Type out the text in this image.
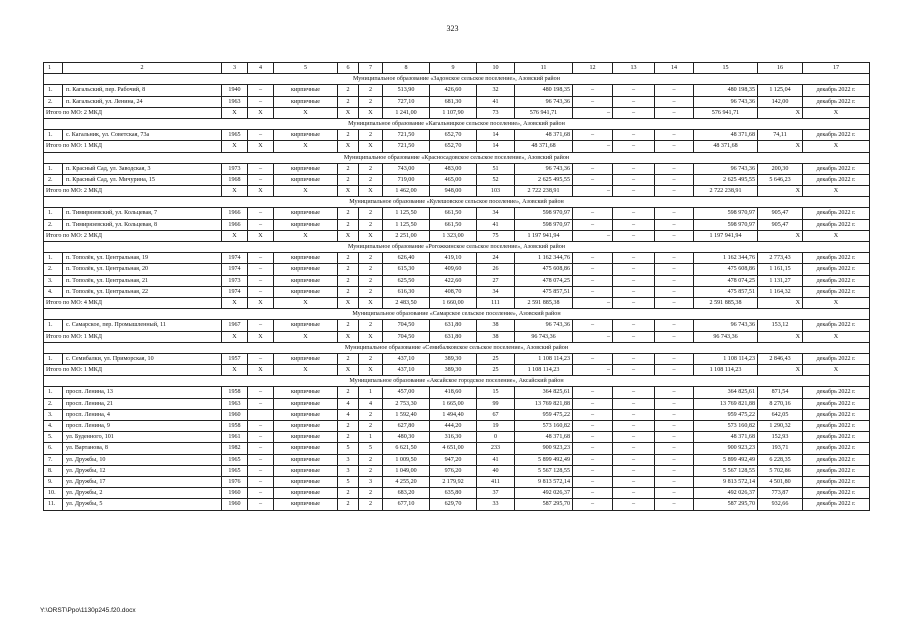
323
1	2	3	4	5	6	7	8	9	10	11	12	13	14	15	16	17
Муниципальное образование «Задонское сельское поселение», Азовский район																
1.	п. Кагальский, пер. Рабочий, 8	1940	–	кирпичные	2	2	513,90	426,60	32	480 198,35	–	–	–	480 198,35	1 125,04	декабрь 2022 г.
2.	п. Кагальский, ул. Ленина, 24	1963	–	кирпичные	2	2	727,10	681,30	41	96 743,36	–	–	–	96 743,36	142,00	декабрь 2022 г.
Итого по МО: 2 МКД		X	X	X	X	X	1 241,00	1 107,90	73	576 941,71	–	–	–	576 941,71	X	X
Муниципальное образование «Кагальницкое сельское поселение», Азовский район																
1.	с. Кагальник, ул. Советская, 73а	1965	–	кирпичные	2	2	721,50	652,70	14	48 371,68	–	–	–	48 371,68	74,11	декабрь 2022 г.
Итого по МО: 1 МКД		X	X	X	X	X	721,50	652,70	14	48 371,68	–	–	–	48 371,68	X	X
Муниципальное образование «Красносадовское сельское поселение», Азовский район																
1.	п. Красный Сад, ул. Заводская, 3	1973	–	кирпичные	2	2	743,00	483,00	51	96 743,36	–	–	–	96 743,36	200,30	декабрь 2022 г.
2.	п. Красный Сад, ул. Мичурина, 15	1968	–	кирпичные	2	2	719,00	465,00	52	2 625 495,55	–	–	–	2 625 495,55	5 646,23	декабрь 2022 г.
Итого по МО: 2 МКД		X	X	X	X	X	1 462,00	948,00	103	2 722 238,91	–	–	–	2 722 238,91	X	X
Муниципальное образование «Кулешовское сельское поселение», Азовский район																
1.	п. Тимирязевский, ул. Кольцевая, 7	1966	–	кирпичные	2	2	1 125,50	661,50	34	598 970,97	–	–	–	598 970,97	905,47	декабрь 2022 г.
2.	п. Тимирязевский, ул. Кольцевая, 8	1966	–	кирпичные	2	2	1 125,50	661,50	41	598 970,97	–	–	–	598 970,97	905,47	декабрь 2022 г.
Итого по МО: 2 МКД		X	X	X	X	X	2 251,00	1 323,00	75	1 197 941,94	–	–	–	1 197 941,94	X	X
Муниципальное образование «Рогожкинское сельское поселение», Азовский район																
1.	п. Тополёк, ул. Центральная, 19	1974	–	кирпичные	2	2	626,40	419,10	24	1 162 344,76	–	–	–	1 162 344,76	2 773,43	декабрь 2022 г.
2.	п. Тополёк, ул. Центральная, 20	1974	–	кирпичные	2	2	615,30	409,60	26	475 608,86	–	–	–	475 608,86	1 161,15	декабрь 2022 г.
3.	п. Тополёк, ул. Центральная, 21	1973	–	кирпичные	2	2	625,50	422,60	27	478 074,25	–	–	–	478 074,25	1 131,27	декабрь 2022 г.
4.	п. Тополёк, ул. Центральная, 22	1974	–	кирпичные	2	2	616,30	408,70	34	475 857,51	–	–	–	475 857,51	1 164,32	декабрь 2022 г.
Итого по МО: 4 МКД		X	X	X	X	X	2 483,50	1 660,00	111	2 591 885,38	–	–	–	2 591 885,38	X	X
Муниципальное образование «Самарское сельское поселение», Азовский район																
1.	с. Самарское, пер. Промышленный, 11	1967	–	кирпичные	2	2	704,50	631,80	38	96 743,36	–	–	–	96 743,36	153,12	декабрь 2022 г.
Итого по МО: 1 МКД		X	X	X	X	X	704,50	631,80	38	96 743,36	–	–	–	96 743,36	X	X
Муниципальное образование «Семибалковское сельское поселение», Азовский район																
1.	с. Семибалки, ул. Приморская, 10	1957	–	кирпичные	2	2	437,10	389,30	25	1 108 114,23	–	–	–	1 108 114,23	2 846,43	декабрь 2022 г.
Итого по МО: 1 МКД		X	X	X	X	X	437,10	389,30	25	1 108 114,23	–	–	–	1 108 114,23	X	X
Муниципальное образование «Аксайское городское поселение», Аксайский район																
1.	просп. Ленина, 13	1958	–	кирпичные	2	1	457,00	418,60	15	364 825,61	–	–	–	364 825,61	871,54	декабрь 2022 г.
2.	просп. Ленина, 21	1963	–	кирпичные	4	4	2 753,30	1 665,00	99	13 769 821,88	–	–	–	13 769 821,88	8 270,16	декабрь 2022 г.
3.	просп. Ленина, 4	1960		кирпичные	4	2	1 592,40	1 494,40	67	959 475,22	–	–	–	959 475,22	642,05	декабрь 2022 г.
4.	просп. Ленина, 9	1958	–	кирпичные	2	2	627,80	444,20	19	573 160,82	–	–	–	573 160,82	1 290,32	декабрь 2022 г.
5.	ул. Буденного, 101	1961	–	кирпичные	2	1	480,30	316,30	0	48 371,68	–	–	–	48 371,68	152,93	декабрь 2022 г.
6.	ул. Вартанова, 8	1982	–	кирпичные	5	5	6 621,50	4 651,00	233	900 923,23	–	–	–	900 923,23	193,71	декабрь 2022 г.
7.	ул. Дружбы, 10	1965	–	кирпичные	3	2	1 009,50	947,20	41	5 899 492,49	–	–	–	5 899 492,49	6 228,35	декабрь 2022 г.
8.	ул. Дружбы, 12	1965	–	кирпичные	3	2	1 049,00	976,20	40	5 567 128,55	–	–	–	5 567 128,55	5 702,86	декабрь 2022 г.
9.	ул. Дружбы, 17	1976	–	кирпичные	5	3	4 255,20	2 179,92	411	9 813 572,14	–	–	–	9 813 572,14	4 501,80	декабрь 2022 г.
10.	ул. Дружбы, 2	1960	–	кирпичные	2	2	683,20	635,80	37	492 026,37	–	–	–	492 026,37	773,87	декабрь 2022 г.
11.	ул. Дружбы, 5	1960	–	кирпичные	2	2	677,10	629,70	33	587 295,70	–	–	–	587 295,70	932,66	декабрь 2022 г.
Y:\ORST\Ppo\1130p245.f20.docx
